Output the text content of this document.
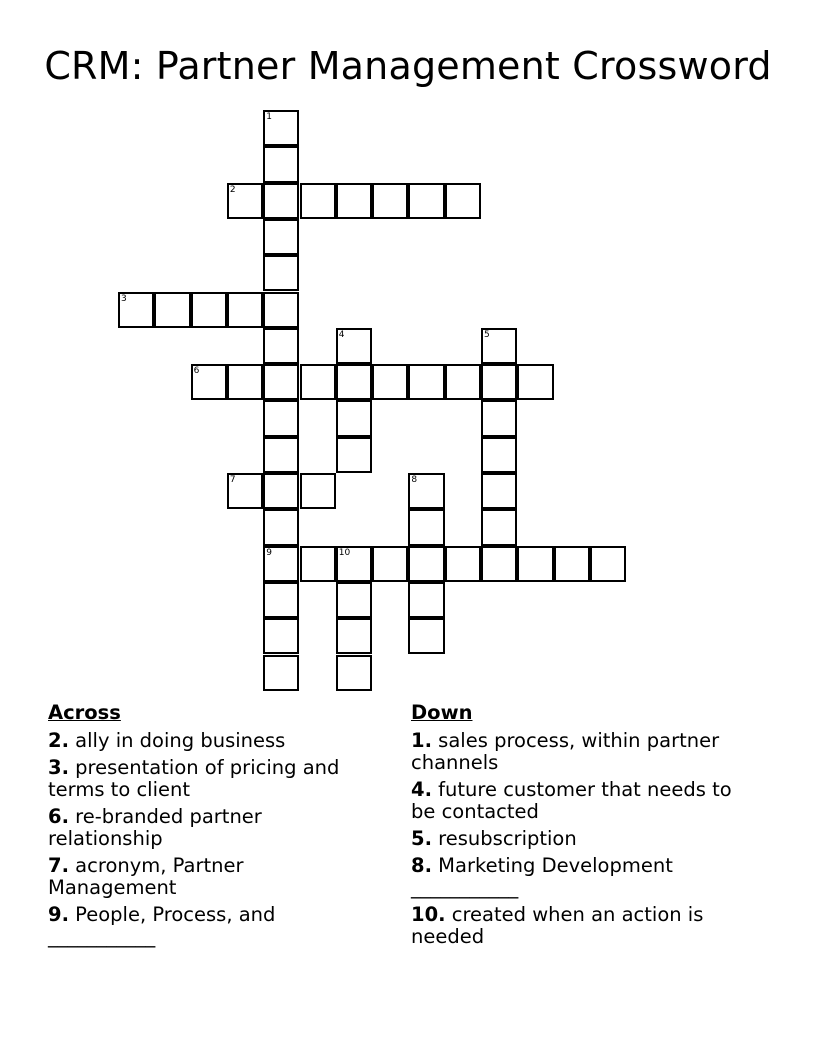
CRM: Partner Management Crossword
1
9
2
3
4	5
6
7	8
10
Across
2. ally in doing business
3. presentation of pricing and terms to client
6. re-branded partner relationship
7. acronym, Partner Management
9. People, Process, and ___________
Down
1. sales process, within partner channels
4. future customer that needs to be contacted
5. resubscription
8. Marketing Development ___________
10. created when an action is needed
